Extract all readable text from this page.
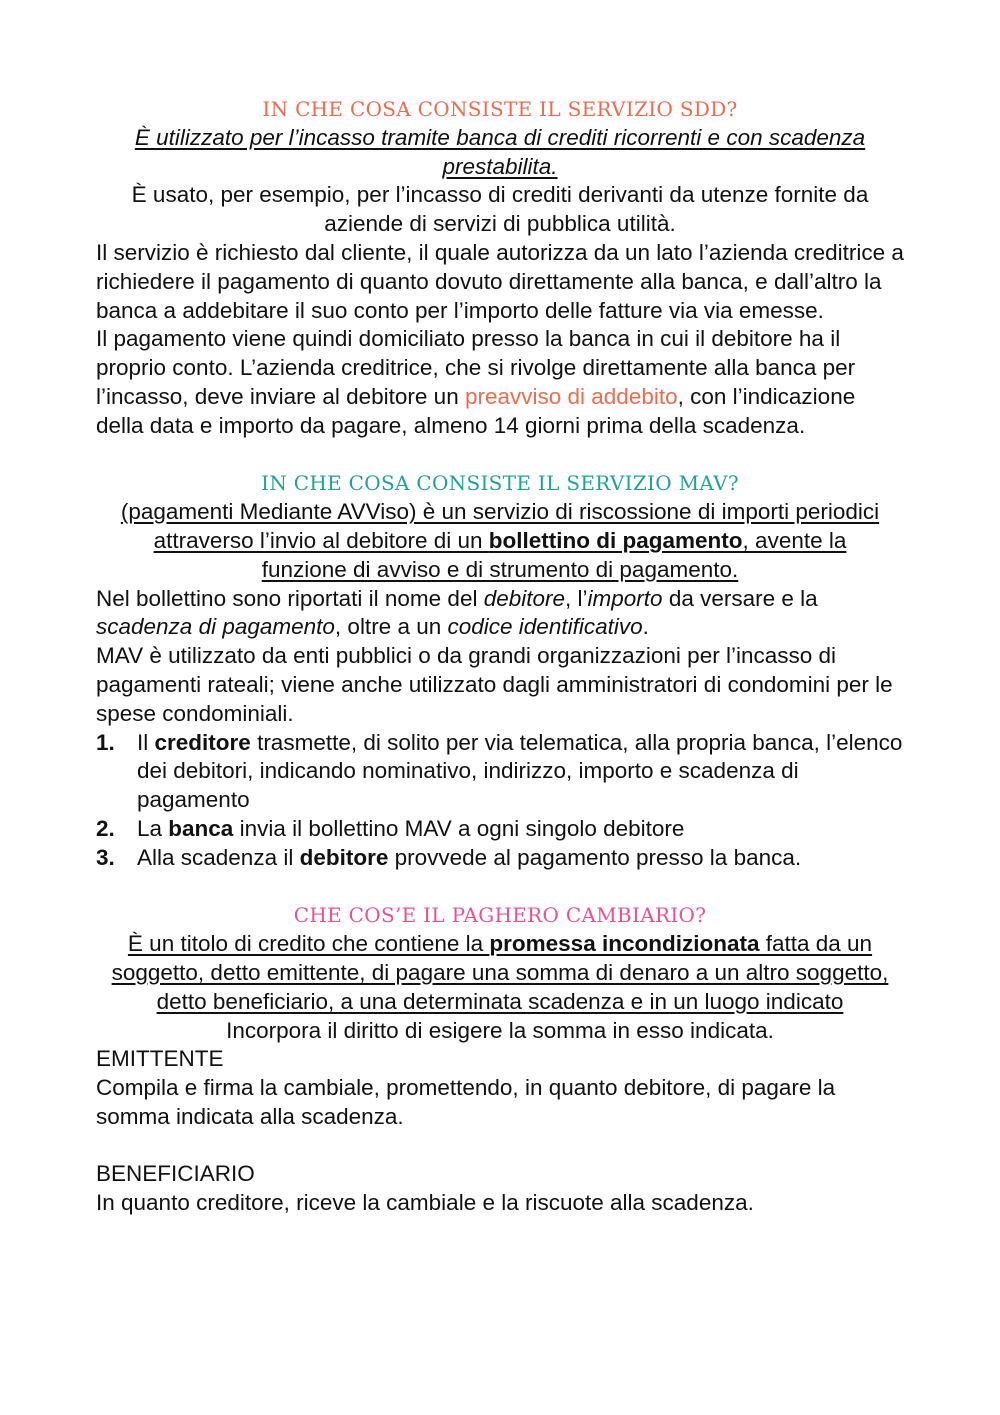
IN CHE COSA CONSISTE IL SERVIZIO SDD?

È utilizzato per l’incasso tramite banca di crediti ricorrenti e con scadenza prestabilita.

È usato, per esempio, per l’incasso di crediti derivanti da utenze fornite da aziende di servizi di pubblica utilità.

Il servizio è richiesto dal cliente, il quale autorizza da un lato l’azienda creditrice a richiedere il pagamento di quanto dovuto direttamente alla banca, e dall’altro la banca a addebitare il suo conto per l’importo delle fatture via via emesse.

Il pagamento viene quindi domiciliato presso la banca in cui il debitore ha il proprio conto. L’azienda creditrice, che si rivolge direttamente alla banca per l’incasso, deve inviare al debitore un preavviso di addebito, con l’indicazione della data e importo da pagare, almeno 14 giorni prima della scadenza.

IN CHE COSA CONSISTE IL SERVIZIO MAV?

(pagamenti Mediante AVViso) è un servizio di riscossione di importi periodici attraverso l’invio al debitore di un bollettino di pagamento, avente la funzione di avviso e di strumento di pagamento.

Nel bollettino sono riportati il nome del debitore, l’importo da versare e la scadenza di pagamento, oltre a un codice identificativo.

MAV è utilizzato da enti pubblici o da grandi organizzazioni per l’incasso di pagamenti rateali; viene anche utilizzato dagli amministratori di condomini per le spese condominiali.

1. Il creditore trasmette, di solito per via telematica, alla propria banca, l’elenco dei debitori, indicando nominativo, indirizzo, importo e scadenza di pagamento
2. La banca invia il bollettino MAV a ogni singolo debitore
3. Alla scadenza il debitore provvede al pagamento presso la banca.
CHE COS’E IL PAGHERO CAMBIARIO?

È un titolo di credito che contiene la promessa incondizionata fatta da un soggetto, detto emittente, di pagare una somma di denaro a un altro soggetto, detto beneficiario, a una determinata scadenza e in un luogo indicato

Incorpora il diritto di esigere la somma in esso indicata.

EMITTENTE

Compila e firma la cambiale, promettendo, in quanto debitore, di pagare la somma indicata alla scadenza.

BENEFICIARIO

In quanto creditore, riceve la cambiale e la riscuote alla scadenza.
